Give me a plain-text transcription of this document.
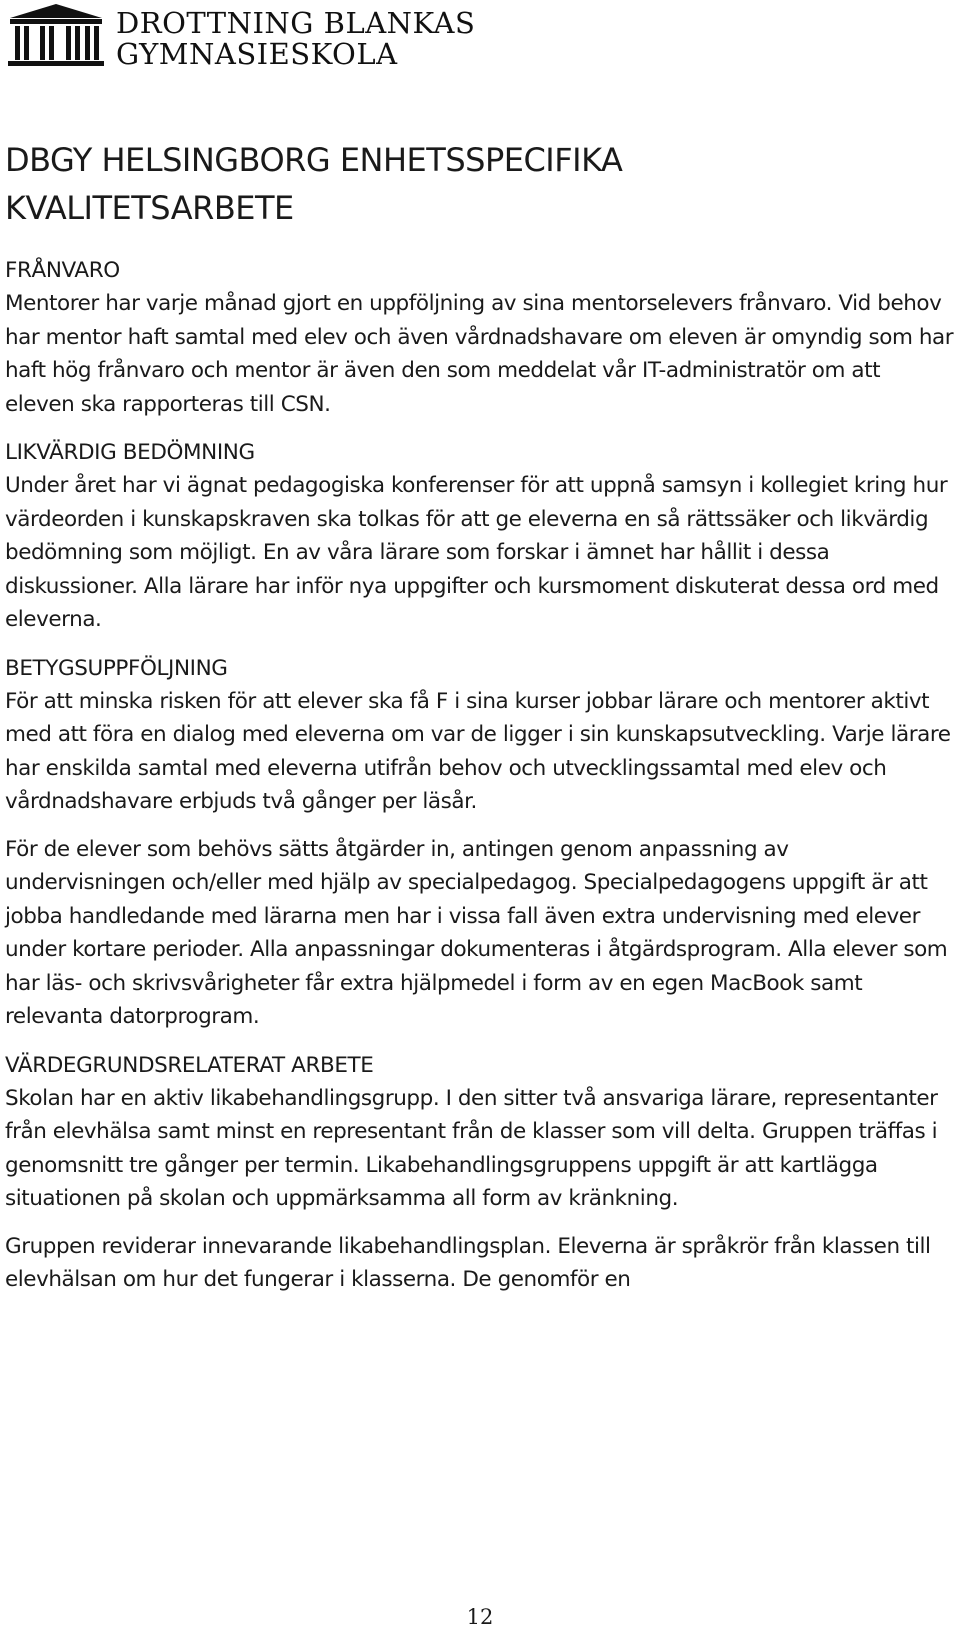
DROTTNING BLANKAS
GYMNASIESKOLA
DBGY HELSINGBORG ENHETSSPECIFIKA
KVALITETSARBETE
FRÅNVARO

Mentorer har varje månad gjort en uppföljning av sina mentorselevers frånvaro. Vid behov har mentor haft samtal med elev och även vårdnadshavare om eleven är omyndig som har haft hög frånvaro och mentor är även den som meddelat vår IT-administratör om att eleven ska rapporteras till CSN.

LIKVÄRDIG BEDÖMNING

Under året har vi ägnat pedagogiska konferenser för att uppnå samsyn i kollegiet kring hur värdeorden i kunskapskraven ska tolkas för att ge eleverna en så rättssäker och likvärdig bedömning som möjligt. En av våra lärare som forskar i ämnet har hållit i dessa diskussioner. Alla lärare har inför nya uppgifter och kursmoment diskuterat dessa ord med eleverna.

BETYGSUPPFÖLJNING

För att minska risken för att elever ska få F i sina kurser jobbar lärare och mentorer aktivt med att föra en dialog med eleverna om var de ligger i sin kunskapsutveckling. Varje lärare har enskilda samtal med eleverna utifrån behov och utvecklingssamtal med elev och vårdnadshavare erbjuds två gånger per läsår.

För de elever som behövs sätts åtgärder in, antingen genom anpassning av undervisningen och/eller med hjälp av specialpedagog. Specialpedagogens uppgift är att jobba handledande med lärarna men har i vissa fall även extra undervisning med elever under kortare perioder. Alla anpassningar dokumenteras i åtgärdsprogram. Alla elever som har läs- och skrivsvårigheter får extra hjälpmedel i form av en egen MacBook samt relevanta datorprogram.

VÄRDEGRUNDSRELATERAT ARBETE

Skolan har en aktiv likabehandlingsgrupp. I den sitter två ansvariga lärare, representanter från elevhälsa samt minst en representant från de klasser som vill delta. Gruppen träffas i genomsnitt tre gånger per termin. Likabehandlingsgruppens uppgift är att kartlägga situationen på skolan och uppmärksamma all form av kränkning.

Gruppen reviderar innevarande likabehandlingsplan. Eleverna är språkrör från klassen till elevhälsan om hur det fungerar i klasserna. De genomför en

12
